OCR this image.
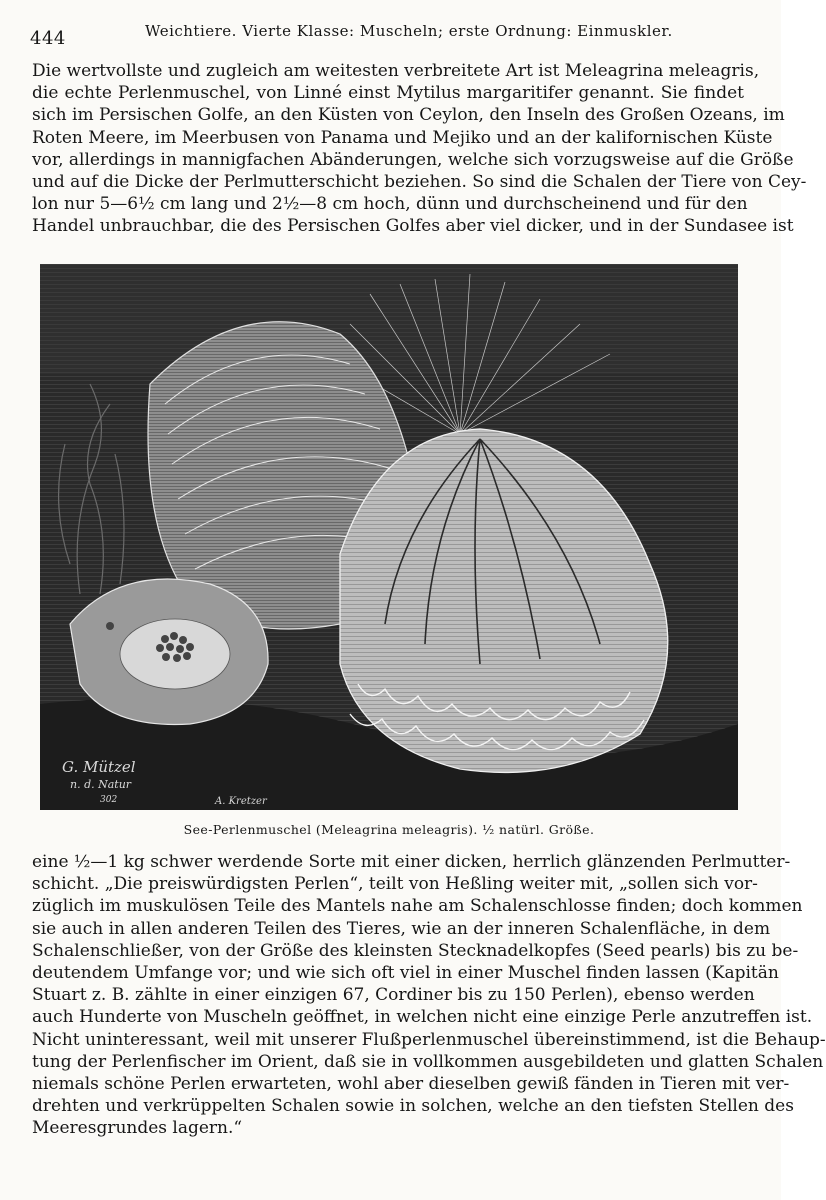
444	Weichtiere. Vierte Klasse: Muscheln; erste Ordnung: Einmuskler.
Die wertvollste und zugleich am weitesten verbreitete Art ist Meleagrina meleagris,
die echte Perlenmuschel, von Linné einst Mytilus margaritifer genannt. Sie findet
sich im Persischen Golfe, an den Küsten von Ceylon, den Inseln des Großen Ozeans, im
Roten Meere, im Meerbusen von Panama und Mejiko und an der kalifornischen Küste
vor, allerdings in mannigfachen Abänderungen, welche sich vorzugsweise auf die Größe
und auf die Dicke der Perlmutterschicht beziehen. So sind die Schalen der Tiere von Cey-
lon nur 5—6½ cm lang und 2½—8 cm hoch, dünn und durchscheinend und für den
Handel unbrauchbar, die des Persischen Golfes aber viel dicker, und in der Sundasee ist
G. Mützel
n. d. Natur
302	A. Kretzer
See-Perlenmuschel (Meleagrina meleagris). ½ natürl. Größe.
eine ½—1 kg schwer werdende Sorte mit einer dicken, herrlich glänzenden Perlmutter-
schicht. „Die preiswürdigsten Perlen“, teilt von Heßling weiter mit, „sollen sich vor-
züglich im muskulösen Teile des Mantels nahe am Schalenschlosse finden; doch kommen
sie auch in allen anderen Teilen des Tieres, wie an der inneren Schalenfläche, in dem
Schalenschließer, von der Größe des kleinsten Stecknadelkopfes (Seed pearls) bis zu be-
deutendem Umfange vor; und wie sich oft viel in einer Muschel finden lassen (Kapitän
Stuart z. B. zählte in einer einzigen 67, Cordiner bis zu 150 Perlen), ebenso werden
auch Hunderte von Muscheln geöffnet, in welchen nicht eine einzige Perle anzutreffen ist.
Nicht uninteressant, weil mit unserer Flußperlenmuschel übereinstimmend, ist die Behaup-
tung der Perlenfischer im Orient, daß sie in vollkommen ausgebildeten und glatten Schalen
niemals schöne Perlen erwarteten, wohl aber dieselben gewiß fänden in Tieren mit ver-
drehten und verkrüppelten Schalen sowie in solchen, welche an den tiefsten Stellen des
Meeresgrundes lagern.“
